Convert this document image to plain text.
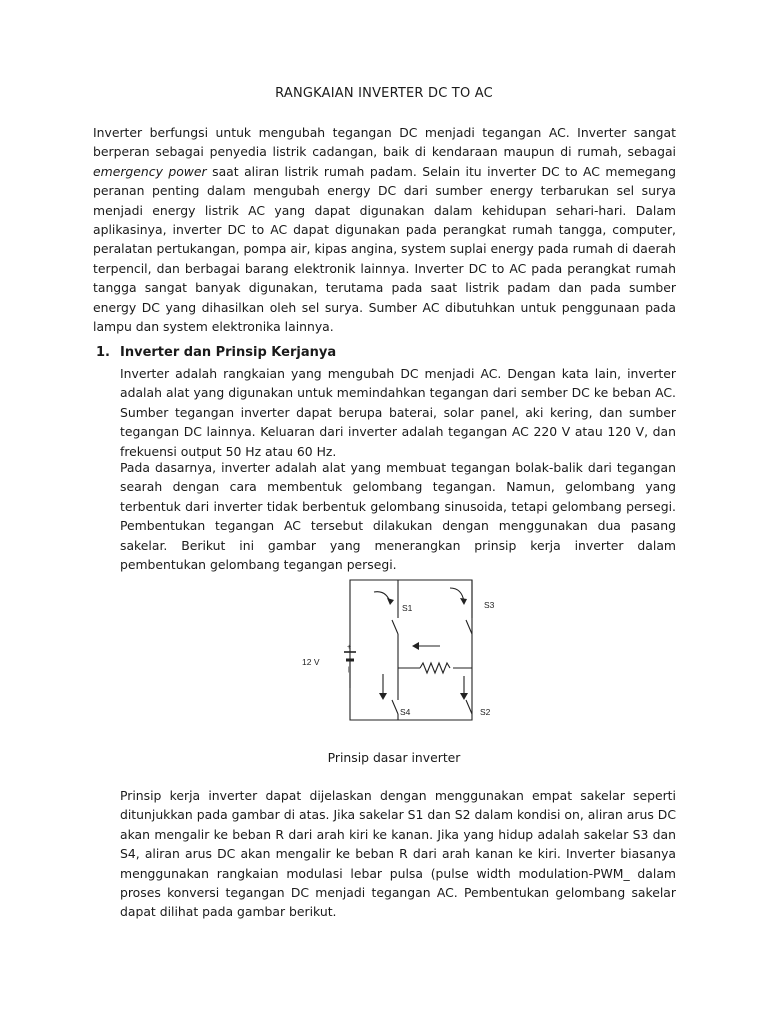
RANGKAIAN INVERTER DC TO AC

Inverter berfungsi untuk mengubah tegangan DC menjadi tegangan AC. Inverter sangat berperan sebagai penyedia listrik cadangan, baik di kendaraan maupun di rumah, sebagai emergency power saat aliran listrik rumah padam. Selain itu inverter DC to AC memegang peranan penting dalam mengubah energy DC dari sumber energy terbarukan sel surya menjadi energy listrik AC yang dapat digunakan dalam kehidupan sehari-hari. Dalam aplikasinya, inverter DC to AC dapat digunakan pada perangkat rumah tangga, computer, peralatan pertukangan, pompa air, kipas angina, system suplai energy pada rumah di daerah terpencil, dan berbagai barang elektronik lainnya. Inverter DC to AC pada perangkat rumah tangga sangat banyak digunakan, terutama pada saat listrik padam dan pada sumber energy DC yang dihasilkan oleh sel surya. Sumber AC dibutuhkan untuk penggunaan pada lampu dan system elektronika lainnya.

1. Inverter dan Prinsip Kerjanya

Inverter adalah rangkaian yang mengubah DC menjadi AC. Dengan kata lain, inverter adalah alat yang digunakan untuk memindahkan tegangan dari sember DC ke beban AC. Sumber tegangan inverter dapat berupa baterai, solar panel, aki kering, dan sumber tegangan DC lainnya. Keluaran dari inverter adalah tegangan AC 220 V atau 120 V, dan frekuensi output 50 Hz atau 60 Hz.

Pada dasarnya, inverter adalah alat yang membuat tegangan bolak-balik dari tegangan searah dengan cara membentuk gelombang tegangan. Namun, gelombang yang terbentuk dari inverter tidak berbentuk gelombang sinusoida, tetapi gelombang persegi. Pembentukan tegangan AC tersebut dilakukan dengan menggunakan dua pasang sakelar. Berikut ini gambar yang menerangkan prinsip kerja inverter dalam pembentukan gelombang tegangan persegi.

12 V
+
|
S1	S3
S4	S2

Prinsip dasar inverter

Prinsip kerja inverter dapat dijelaskan dengan menggunakan empat sakelar seperti ditunjukkan pada gambar di atas. Jika sakelar S1 dan S2 dalam kondisi on, aliran arus DC akan mengalir ke beban R dari arah kiri ke kanan. Jika yang hidup adalah sakelar S3 dan S4, aliran arus DC akan mengalir ke beban R dari arah kanan ke kiri. Inverter biasanya menggunakan rangkaian modulasi lebar pulsa (pulse width modulation-PWM_ dalam proses konversi tegangan DC menjadi tegangan AC. Pembentukan gelombang sakelar dapat dilihat pada gambar berikut.
